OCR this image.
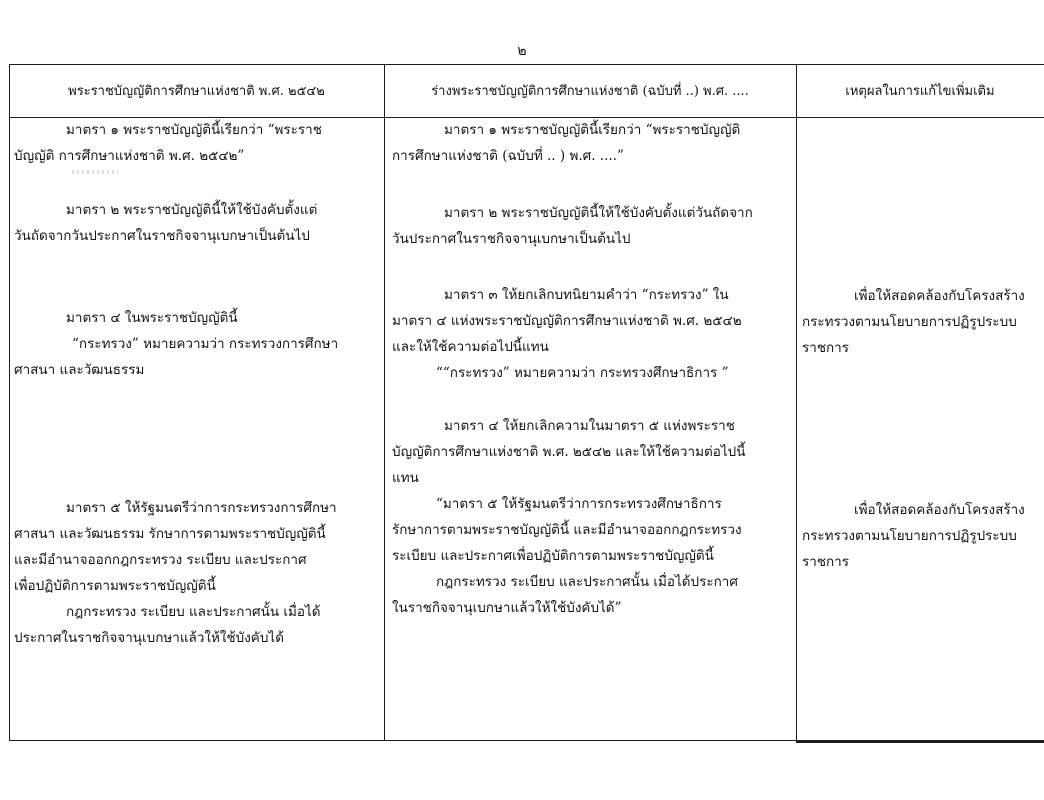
๒
พระราชบัญญัติการศึกษาแห่งชาติ พ.ศ. ๒๕๔๒	ร่างพระราชบัญญัติการศึกษาแห่งชาติ (ฉบับที่ ..) พ.ศ. ....	เหตุผลในการแก้ไขเพิ่มเติม
มาตรา ๑ พระราชบัญญัตินี้เรียกว่า “พระราช
บัญญัติ การศึกษาแห่งชาติ พ.ศ. ๒๕๔๒”
มาตรา ๒ พระราชบัญญัตินี้ให้ใช้บังคับตั้งแต่
วันถัดจากวันประกาศในราชกิจจานุเบกษาเป็นต้นไป
มาตรา ๔ ในพระราชบัญญัตินี้
“กระทรวง” หมายความว่า กระทรวงการศึกษา
ศาสนา และวัฒนธรรม
มาตรา ๕ ให้รัฐมนตรีว่าการกระทรวงการศึกษา
ศาสนา และวัฒนธรรม รักษาการตามพระราชบัญญัตินี้
และมีอำนาจออกกฎกระทรวง ระเบียบ และประกาศ
เพื่อปฏิบัติการตามพระราชบัญญัตินี้
กฎกระทรวง ระเบียบ และประกาศนั้น เมื่อได้
ประกาศในราชกิจจานุเบกษาแล้วให้ใช้บังคับได้
มาตรา ๑ พระราชบัญญัตินี้เรียกว่า “พระราชบัญญัติ
การศึกษาแห่งชาติ (ฉบับที่ .. ) พ.ศ. ....”
มาตรา ๒ พระราชบัญญัตินี้ให้ใช้บังคับตั้งแต่วันถัดจาก
วันประกาศในราชกิจจานุเบกษาเป็นต้นไป
มาตรา ๓ ให้ยกเลิกบทนิยามคำว่า “กระทรวง” ใน
มาตรา ๔ แห่งพระราชบัญญัติการศึกษาแห่งชาติ พ.ศ. ๒๕๔๒
และให้ใช้ความต่อไปนี้แทน
““กระทรวง” หมายความว่า กระทรวงศึกษาธิการ ”
มาตรา ๔ ให้ยกเลิกความในมาตรา ๕ แห่งพระราช
บัญญัติการศึกษาแห่งชาติ พ.ศ. ๒๕๔๒ และให้ใช้ความต่อไปนี้
แทน
“มาตรา ๕ ให้รัฐมนตรีว่าการกระทรวงศึกษาธิการ
รักษาการตามพระราชบัญญัตินี้ และมีอำนาจออกกฎกระทรวง
ระเบียบ และประกาศเพื่อปฏิบัติการตามพระราชบัญญัตินี้
กฎกระทรวง ระเบียบ และประกาศนั้น เมื่อได้ประกาศ
ในราชกิจจานุเบกษาแล้วให้ใช้บังคับได้”
เพื่อให้สอดคล้องกับโครงสร้าง
กระทรวงตามนโยบายการปฏิรูประบบ
ราชการ
เพื่อให้สอดคล้องกับโครงสร้าง
กระทรวงตามนโยบายการปฏิรูประบบ
ราชการ
